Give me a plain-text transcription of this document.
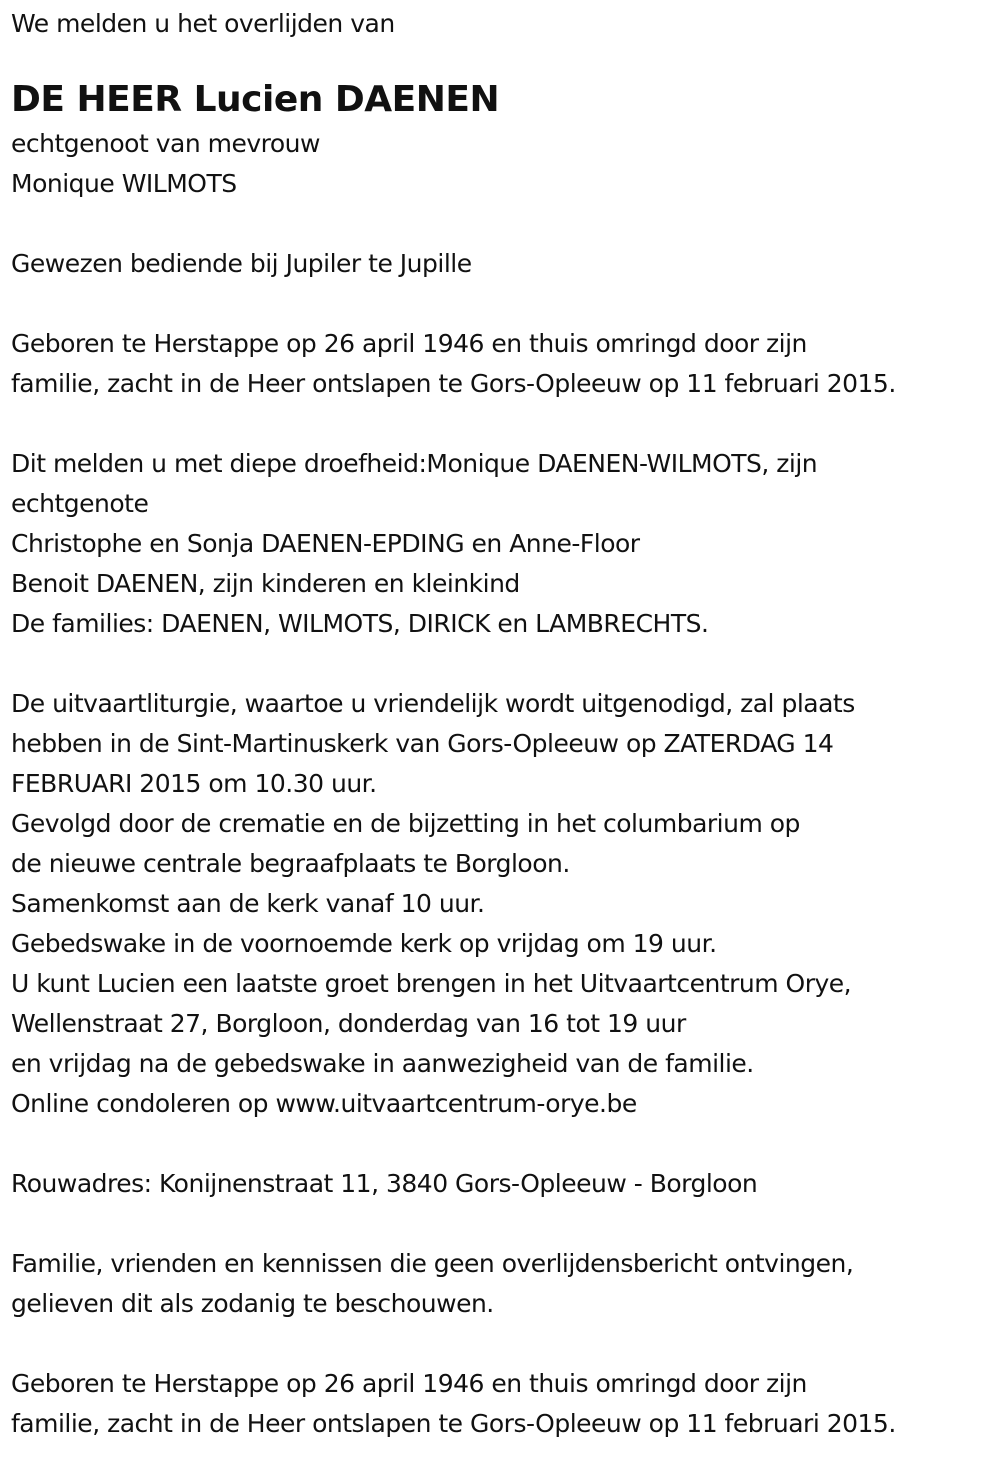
We melden u het overlijden van
DE HEER Lucien DAENEN
echtgenoot van mevrouw
Monique WILMOTS
Gewezen bediende bij Jupiler te Jupille
Geboren te Herstappe op 26 april 1946 en thuis omringd door zijn
familie, zacht in de Heer ontslapen te Gors-Opleeuw op 11 februari 2015.
Dit melden u met diepe droefheid:Monique DAENEN-WILMOTS, zijn
echtgenote
Christophe en Sonja DAENEN-EPDING en Anne-Floor
Benoit DAENEN, zijn kinderen en kleinkind
De families: DAENEN, WILMOTS, DIRICK en LAMBRECHTS.
De uitvaartliturgie, waartoe u vriendelijk wordt uitgenodigd, zal plaats
hebben in de Sint-Martinuskerk van Gors-Opleeuw op ZATERDAG 14
FEBRUARI 2015 om 10.30 uur.
Gevolgd door de crematie en de bijzetting in het columbarium op
de nieuwe centrale begraafplaats te Borgloon.
Samenkomst aan de kerk vanaf 10 uur.
Gebedswake in de voornoemde kerk op vrijdag om 19 uur.
U kunt Lucien een laatste groet brengen in het Uitvaartcentrum Orye,
Wellenstraat 27, Borgloon, donderdag van 16 tot 19 uur
en vrijdag na de gebedswake in aanwezigheid van de familie.
Online condoleren op www.uitvaartcentrum-orye.be
Rouwadres: Konijnenstraat 11, 3840 Gors-Opleeuw - Borgloon
Familie, vrienden en kennissen die geen overlijdensbericht ontvingen,
gelieven dit als zodanig te beschouwen.
Geboren te Herstappe op 26 april 1946 en thuis omringd door zijn
familie, zacht in de Heer ontslapen te Gors-Opleeuw op 11 februari 2015.
